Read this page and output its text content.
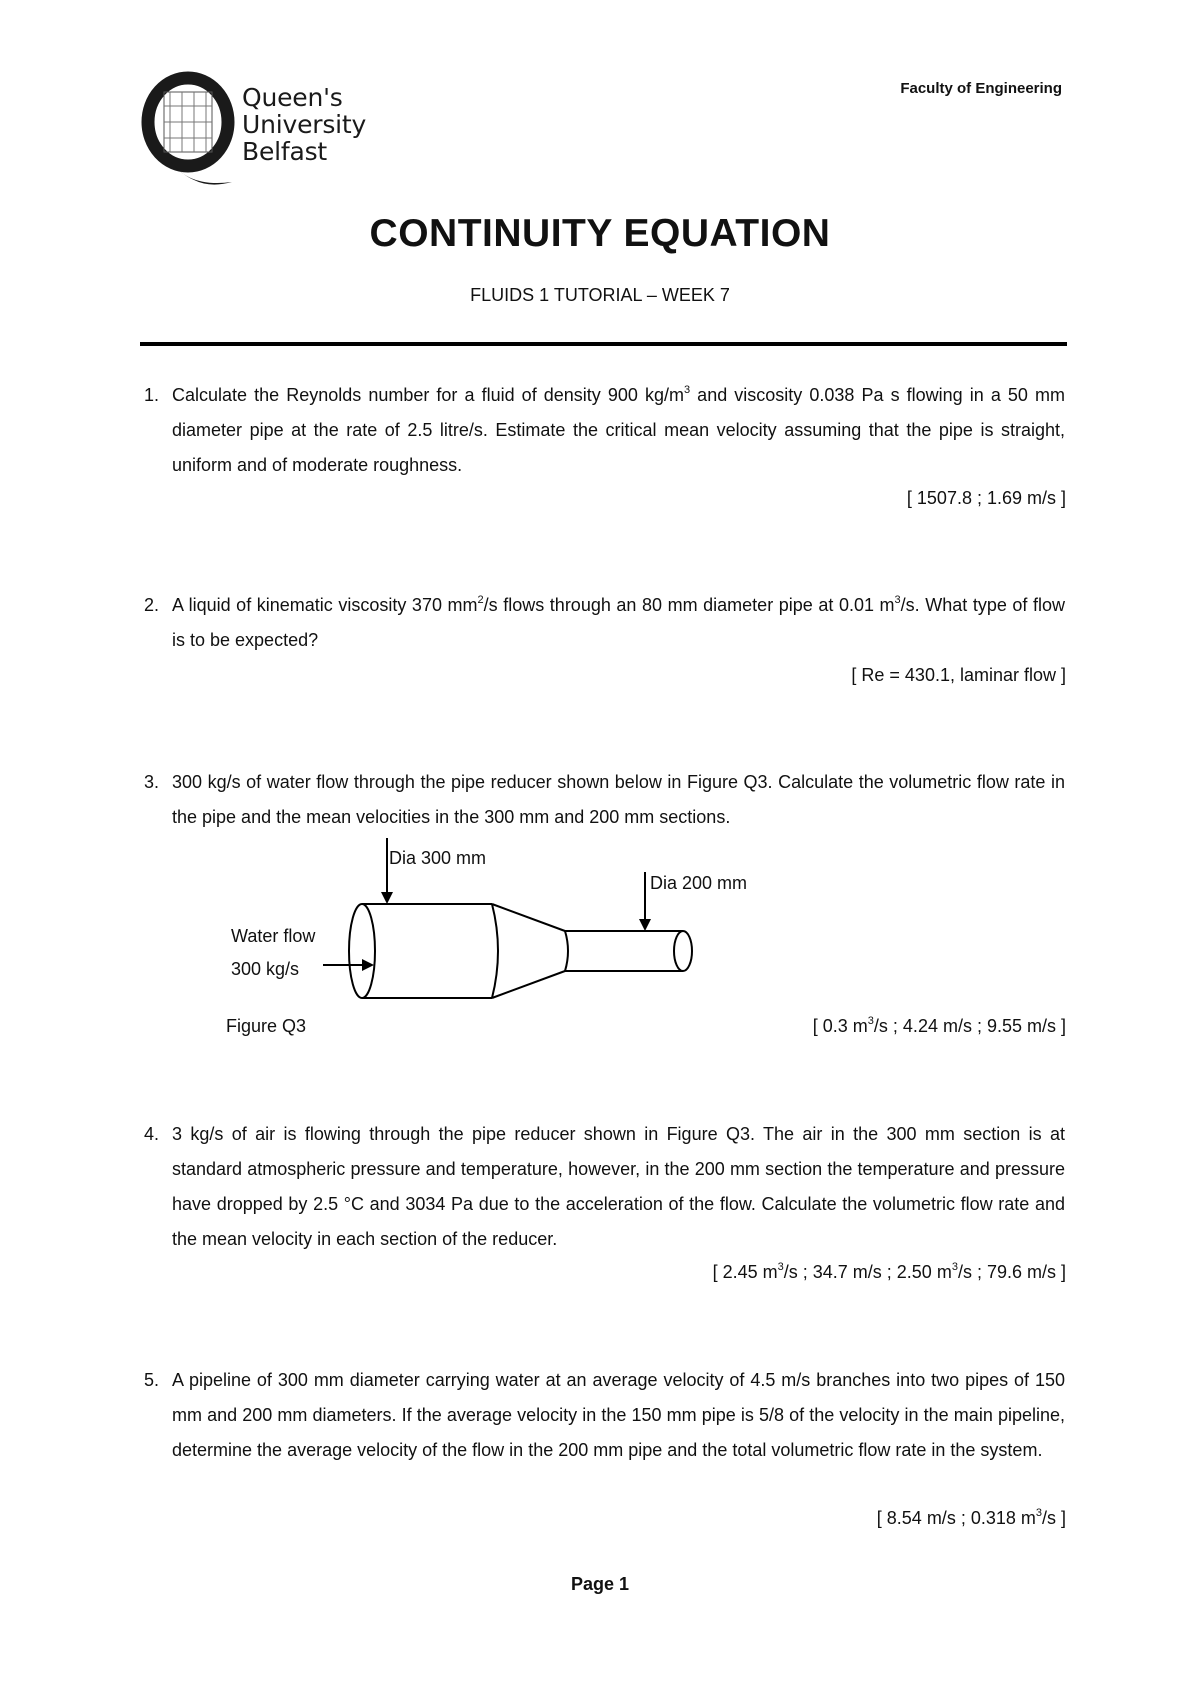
Queen's University
Belfast
Faculty of Engineering
CONTINUITY EQUATION
FLUIDS 1 TUTORIAL – WEEK 7
1. Calculate the Reynolds number for a fluid of density 900 $kg/m^3$ and viscosity 0.038 Pa s flowing in a 50 mm diameter pipe at the rate of 2.5 litre/s. Estimate the critical mean velocity assuming that the pipe is straight, uniform and of moderate roughness.
[ 1507.8 ; 1.69 m/s ]
2. A liquid of kinematic viscosity 370 $mm^2/s$ flows through an 80 mm diameter pipe at 0.01 $m^3/s$. What type of flow is to be expected?
[ Re = 430.1, laminar flow ]
3. 300 kg/s of water flow through the pipe reducer shown below in Figure Q3. Calculate the volumetric flow rate in the pipe and the mean velocities in the 300 mm and 200 mm sections.
Dia 300 mm
Dia 200 mm
Water flow
300 kg/s
Figure Q3	[ 0.3 $m^3/s$ ; 4.24 m/s ; 9.55 m/s ]
4. 3 kg/s of air is flowing through the pipe reducer shown in Figure Q3. The air in the 300 mm section is at standard atmospheric pressure and temperature, however, in the 200 mm section the temperature and pressure have dropped by 2.5 °C and 3034 Pa due to the acceleration of the flow. Calculate the volumetric flow rate and the mean velocity in each section of the reducer.
[ 2.45 $m^3/s$ ; 34.7 m/s ; 2.50 $m^3/s$ ; 79.6 m/s ]
5. A pipeline of 300 mm diameter carrying water at an average velocity of 4.5 m/s branches into two pipes of 150 mm and 200 mm diameters. If the average velocity in the 150 mm pipe is 5/8 of the velocity in the main pipeline, determine the average velocity of the flow in the 200 mm pipe and the total volumetric flow rate in the system.
[ 8.54 m/s ; 0.318 $m^3/s$ ]
Page 1
